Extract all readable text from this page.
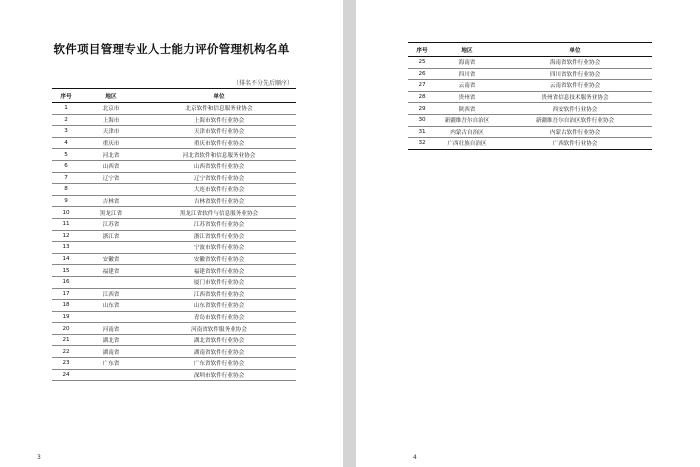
软件项目管理专业人士能力评价管理机构名单
（排名不分先后顺序）
序号	地区	单位
1	北京市	北京软件和信息服务业协会
2	上海市	上海市软件行业协会
3	天津市	天津市软件行业协会
4	重庆市	重庆市软件行业协会
5	河北省	河北省软件和信息服务业协会
6	山西省	山西省软件行业协会
7	辽宁省	辽宁省软件行业协会
8		大连市软件行业协会
9	吉林省	吉林省软件行业协会
10	黑龙江省	黑龙江省软件与信息服务业协会
11	江苏省	江苏省软件行业协会
12	浙江省	浙江省软件行业协会
13		宁波市软件行业协会
14	安徽省	安徽省软件行业协会
15	福建省	福建省软件行业协会
16		厦门市软件行业协会
17	江西省	江西省软件行业协会
18	山东省	山东省软件行业协会
19		青岛市软件行业协会
20	河南省	河南省软件服务业协会
21	湖北省	湖北省软件行业协会
22	湖南省	湖南省软件行业协会
23	广东省	广东省软件行业协会
24		深圳市软件行业协会
3
序号	地区	单位
25	海南省	海南省软件行业协会
26	四川省	四川省软件行业协会
27	云南省	云南省软件行业协会
28	贵州省	贵州省信息技术服务业协会
29	陕西省	西安软件行业协会
30	新疆维吾尔自治区	新疆维吾尔自治区软件行业协会
31	内蒙古自治区	内蒙古软件行业协会
32	广西壮族自治区	广西软件行业协会
4
